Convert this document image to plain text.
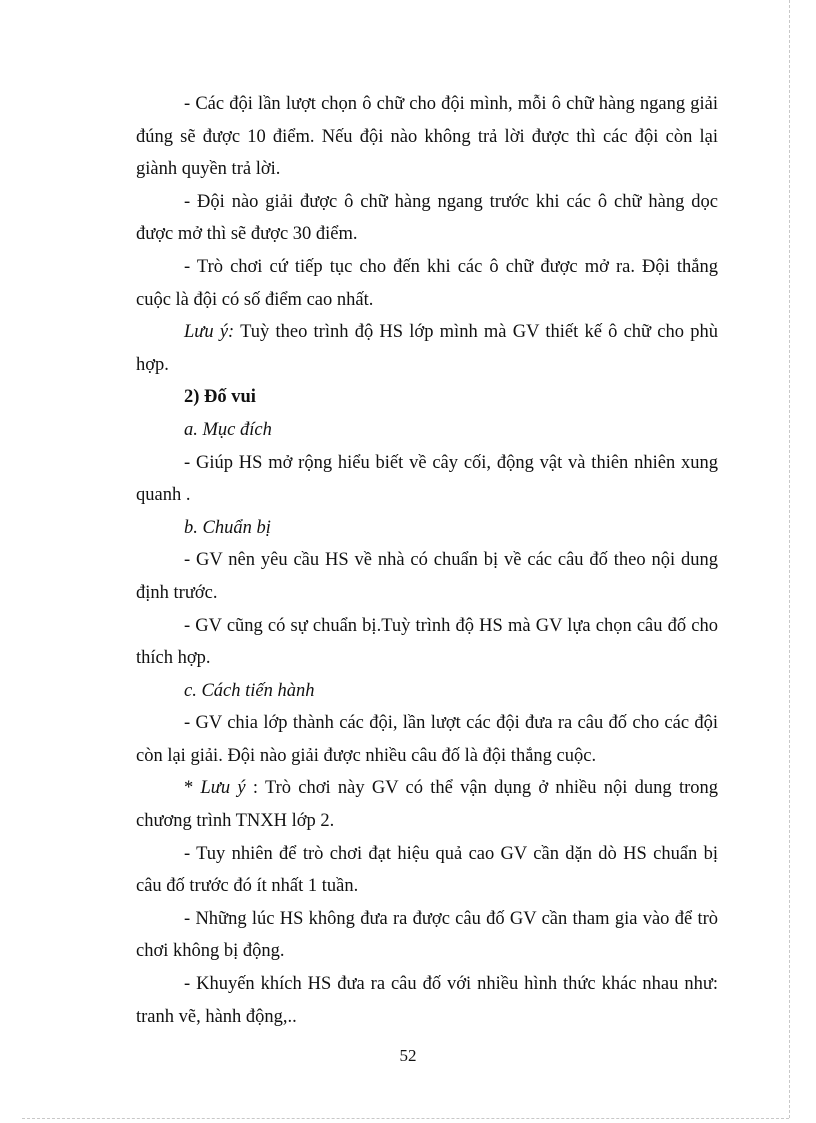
- Các đội lần lượt chọn ô chữ cho đội mình, mỗi ô chữ hàng ngang giải đúng sẽ được 10 điểm. Nếu đội nào không trả lời được thì các đội còn lại giành quyền trả lời.

- Đội nào giải được ô chữ hàng ngang trước khi các ô chữ hàng dọc được mở thì sẽ được 30 điểm.

- Trò chơi cứ tiếp tục cho đến khi các ô chữ được mở ra. Đội thắng cuộc là đội có số điểm cao nhất.

Lưu ý: Tuỳ theo trình độ HS lớp mình mà GV thiết kế ô chữ cho phù hợp.

2) Đố vui

a. Mục đích

- Giúp HS mở rộng hiểu biết về cây cối, động vật và thiên nhiên xung quanh .

b. Chuẩn bị

- GV nên yêu cầu HS về nhà có chuẩn bị về các câu đố theo nội dung định trước.

- GV cũng có sự chuẩn bị.Tuỳ trình độ HS mà GV lựa chọn câu đố cho thích hợp.

c. Cách tiến hành

- GV chia lớp thành các đội, lần lượt các đội đưa ra câu đố cho các đội còn lại giải. Đội nào giải được nhiều câu đố là đội thắng cuộc.

* Lưu ý : Trò chơi này GV có thể vận dụng ở nhiều nội dung trong chương trình TNXH lớp 2.

- Tuy nhiên để trò chơi đạt hiệu quả cao GV cần dặn dò HS chuẩn bị câu đố trước đó ít nhất 1 tuần.

- Những lúc HS không đưa ra được câu đố GV cần tham gia vào để trò chơi không bị động.

- Khuyến khích HS đưa ra câu đố với nhiều hình thức khác nhau như: tranh vẽ, hành động,..

52
